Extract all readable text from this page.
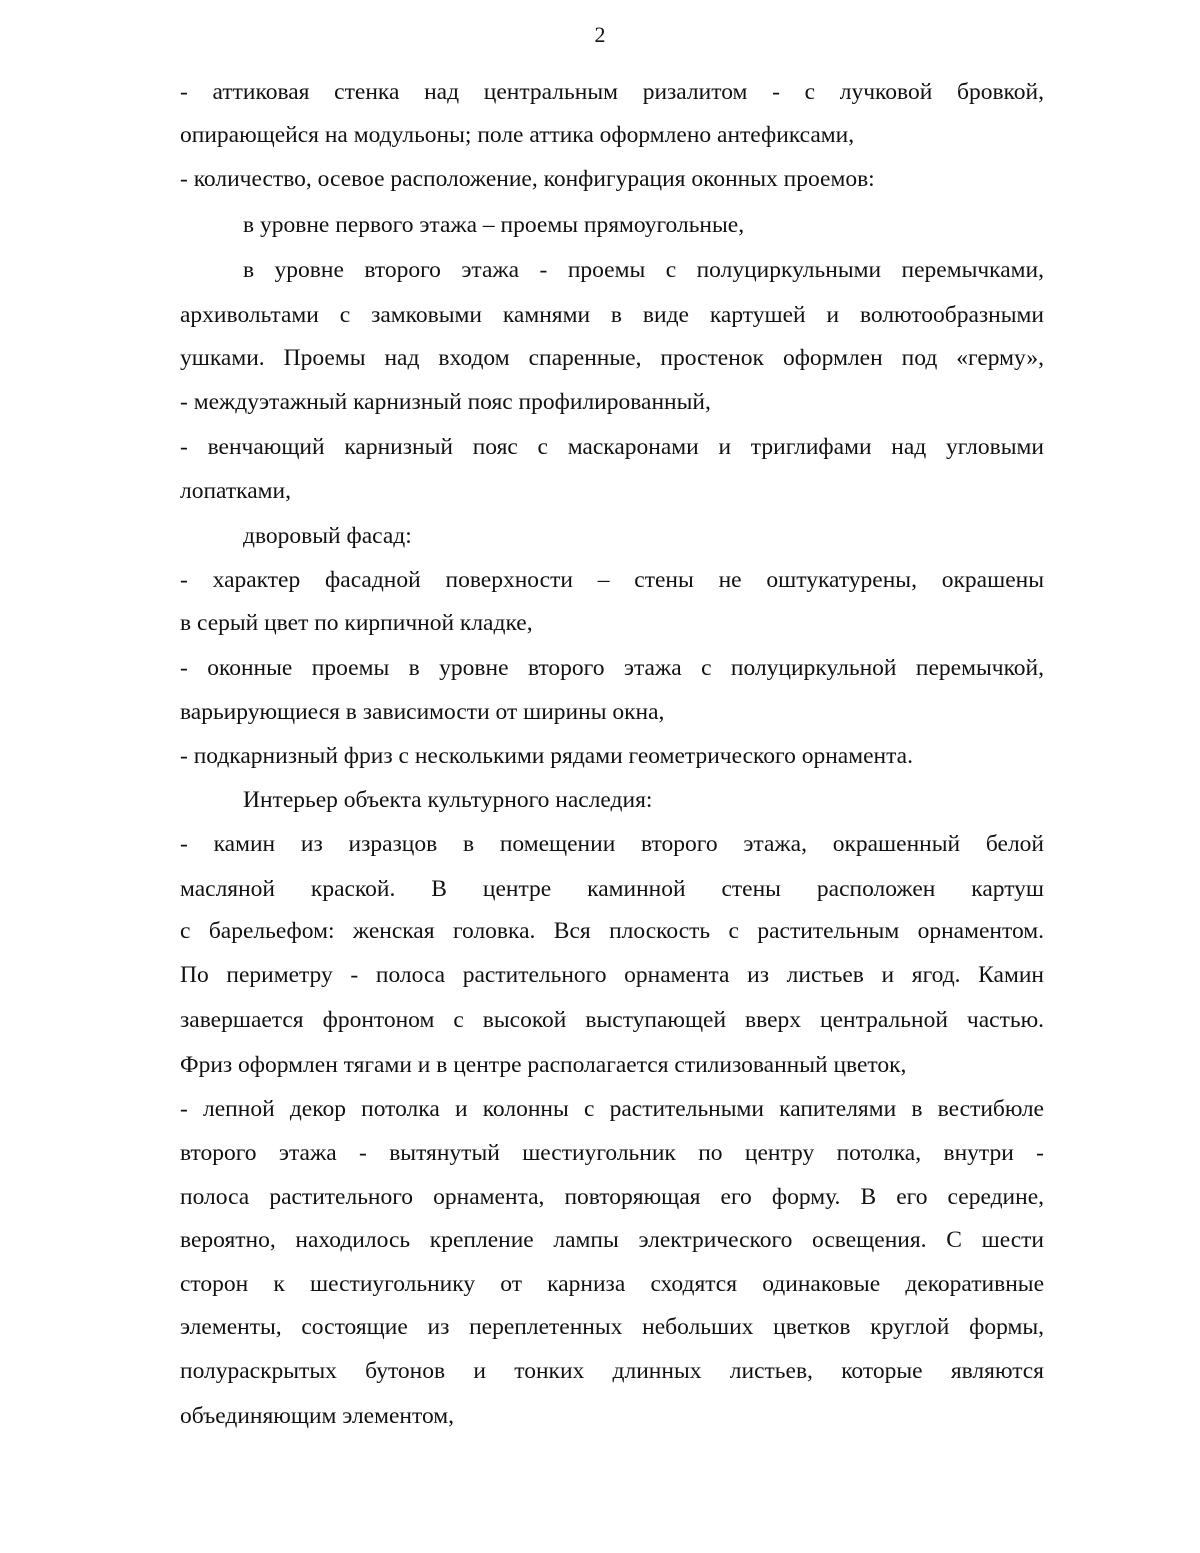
2
- аттиковая стенка над центральным ризалитом - с лучковой бровкой,
опирающейся на модульоны; поле аттика оформлено антефиксами,
- количество, осевое расположение, конфигурация оконных проемов:
в уровне первого этажа – проемы прямоугольные,
в уровне второго этажа - проемы с полуциркульными перемычками,
архивольтами с замковыми камнями в виде картушей и волютообразными
ушками. Проемы над входом спаренные, простенок оформлен под «герму»,
- междуэтажный карнизный пояс профилированный,
- венчающий карнизный пояс с маскаронами и триглифами над угловыми
лопатками,
дворовый фасад:
- характер фасадной поверхности – стены не оштукатурены, окрашены
в серый цвет по кирпичной кладке,
- оконные проемы в уровне второго этажа с полуциркульной перемычкой,
варьирующиеся в зависимости от ширины окна,
- подкарнизный фриз с несколькими рядами геометрического орнамента.
Интерьер объекта культурного наследия:
- камин из изразцов в помещении второго этажа, окрашенный белой
масляной краской. В центре каминной стены расположен картуш
с барельефом: женская головка. Вся плоскость с растительным орнаментом.
По периметру - полоса растительного орнамента из листьев и ягод. Камин
завершается фронтоном с высокой выступающей вверх центральной частью.
Фриз оформлен тягами и в центре располагается стилизованный цветок,
- лепной декор потолка и колонны с растительными капителями в вестибюле
второго этажа - вытянутый шестиугольник по центру потолка, внутри -
полоса растительного орнамента, повторяющая его форму. В его середине,
вероятно, находилось крепление лампы электрического освещения. С шести
сторон к шестиугольнику от карниза сходятся одинаковые декоративные
элементы, состоящие из переплетенных небольших цветков круглой формы,
полураскрытых бутонов и тонких длинных листьев, которые являются
объединяющим элементом,
